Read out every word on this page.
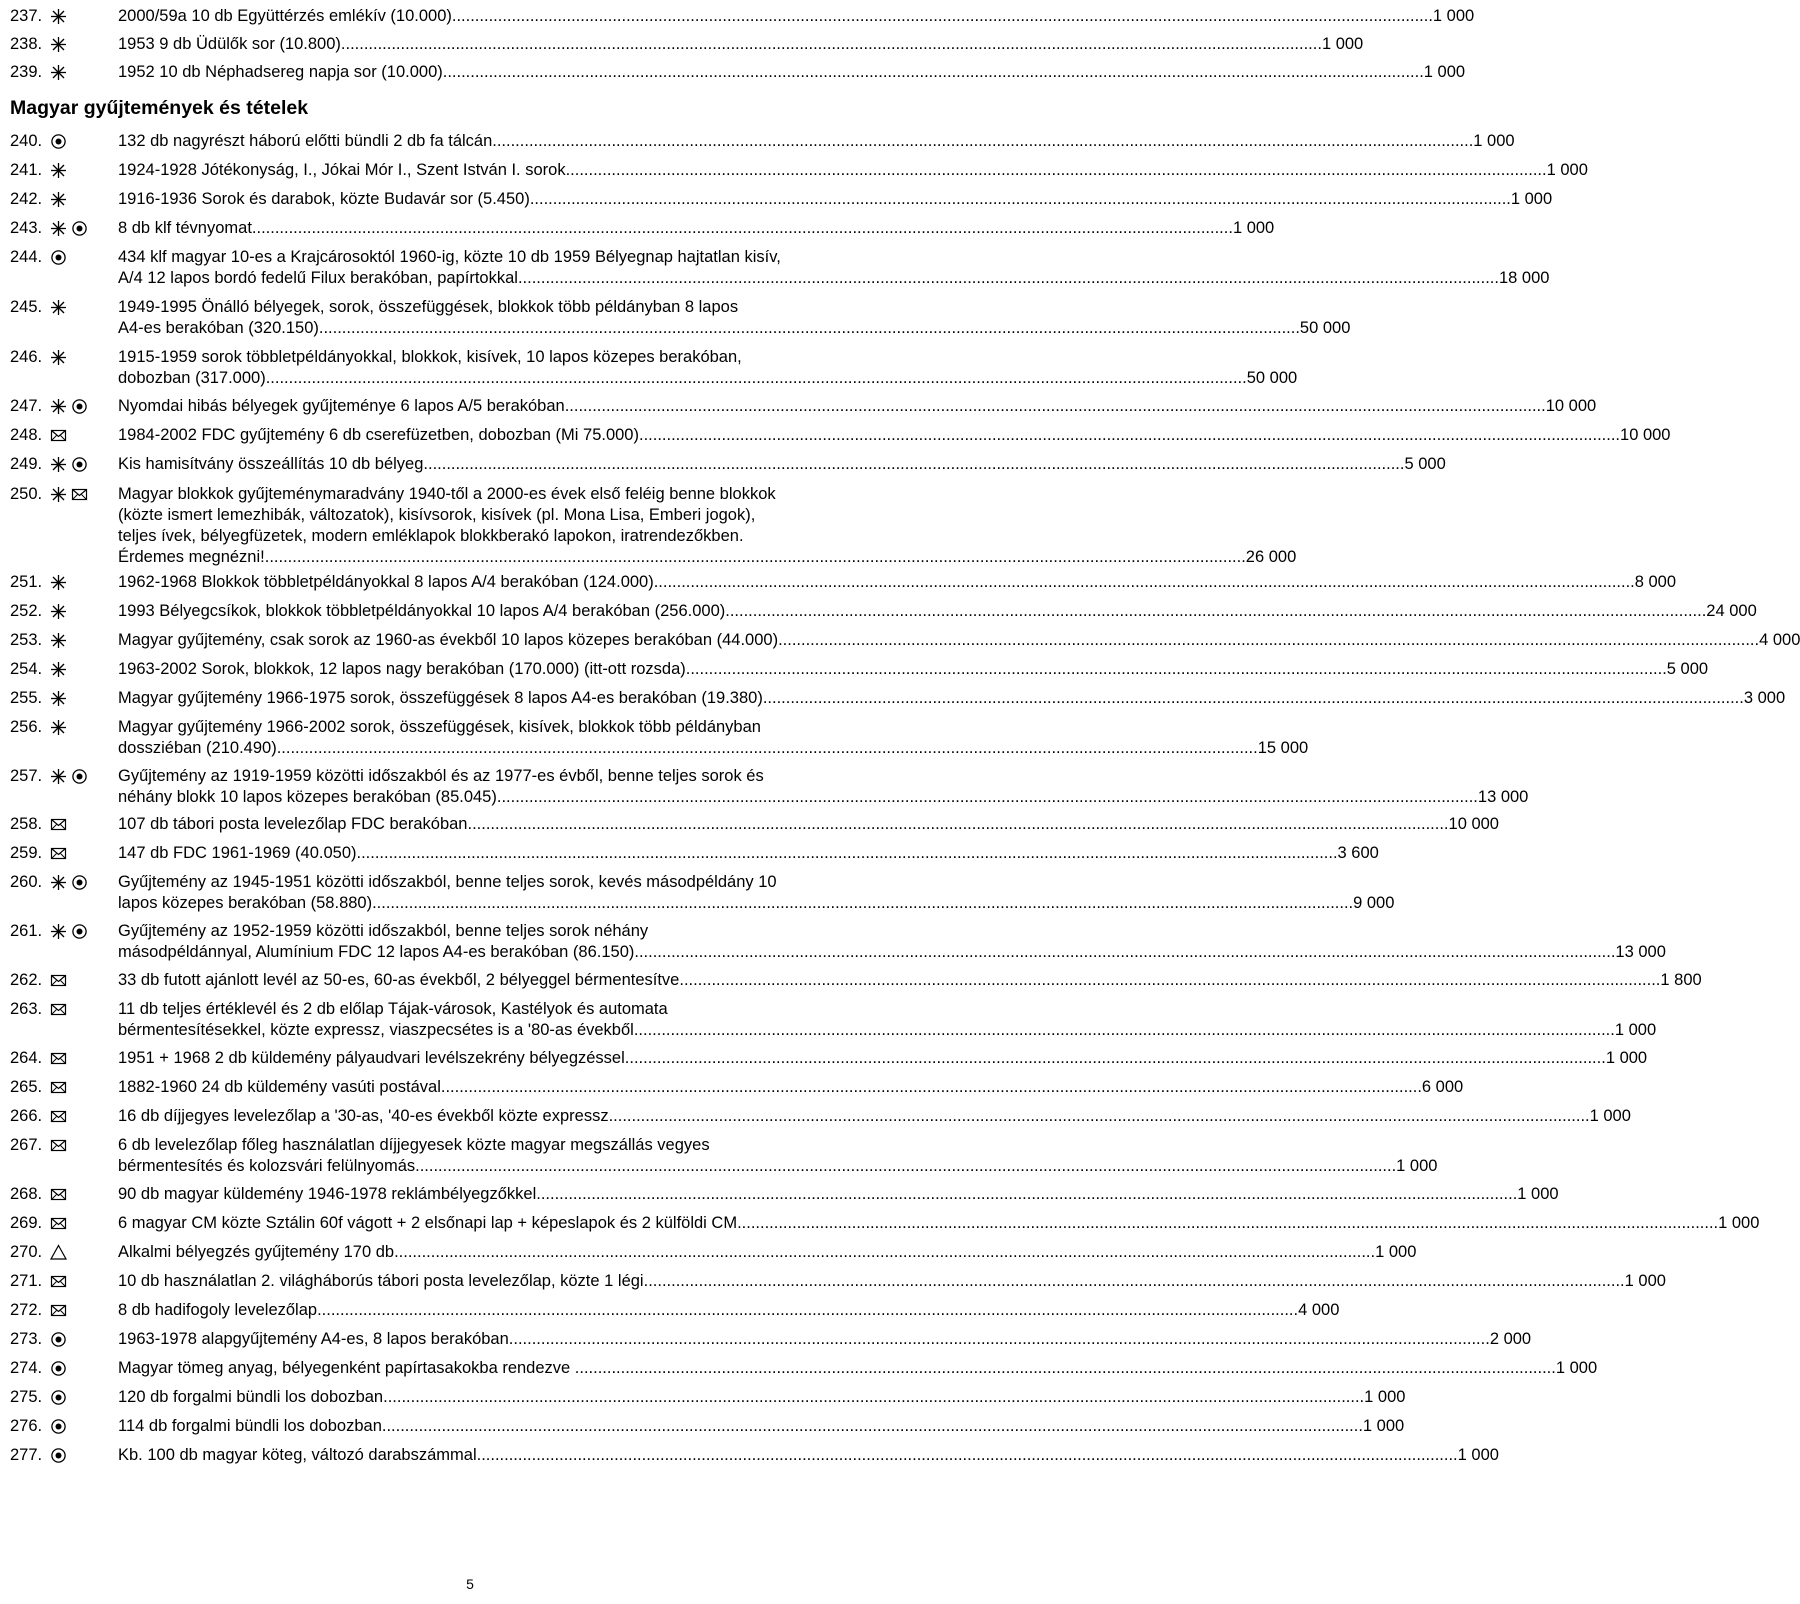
237.	2000/59a 10 db Együttérzés emlékív (10.000) .....	1 000
238.	1953 9 db Üdülők sor (10.800) .....	1 000
239.	1952 10 db Néphadsereg napja sor (10.000) .....	1 000
240.	132 db nagyrészt háború előtti bündli 2 db fa tálcán .....	1 000
241.	1924-1928 Jótékonyság, I., Jókai Mór I., Szent István I. sorok .....	1 000
242.	1916-1936 Sorok és darabok, közte Budavár sor (5.450) .....	1 000
243.	8 db klf tévnyomat .....	1 000
244.	434 klf magyar 10-es a Krajcárosoktól 1960-ig, közte 10 db 1959 Bélyegnap hajtatlan kisív,
A/4 12 lapos bordó fedelű Filux berakóban, papírtokkal .....	18 000
245.	1949-1995 Önálló bélyegek, sorok, összefüggések, blokkok több példányban 8 lapos
A4-es berakóban (320.150) .....	50 000
246.	1915-1959 sorok többletpéldányokkal, blokkok, kisívek, 10 lapos közepes berakóban,
dobozban (317.000) .....	50 000
247.	Nyomdai hibás bélyegek gyűjteménye 6 lapos A/5 berakóban .....	10 000
248.	1984-2002 FDC gyűjtemény 6 db cserefüzetben, dobozban (Mi 75.000) .....	10 000
249.	Kis hamisítvány összeállítás 10 db bélyeg .....	5 000
250.	Magyar blokkok gyűjteménymaradvány 1940-től a 2000-es évek első feléig benne blokkok
(közte ismert lemezhibák, változatok), kisívsorok, kisívek (pl. Mona Lisa, Emberi jogok),
teljes ívek, bélyegfüzetek, modern emléklapok blokkberakó lapokon, iratrendezőkben.
Érdemes megnézni! .....	26 000
251.	1962-1968 Blokkok többletpéldányokkal 8 lapos A/4 berakóban (124.000) .....	8 000
252.	1993 Bélyegcsíkok, blokkok többletpéldányokkal 10 lapos A/4 berakóban (256.000) .....	24 000
253.	Magyar gyűjtemény, csak sorok az 1960-as évekből 10 lapos közepes berakóban (44.000) .....	4 000
254.	1963-2002 Sorok, blokkok, 12 lapos nagy berakóban (170.000) (itt-ott rozsda) .....	5 000
255.	Magyar gyűjtemény 1966-1975 sorok, összefüggések 8 lapos A4-es berakóban (19.380) .....	3 000
256.	Magyar gyűjtemény 1966-2002 sorok, összefüggések, kisívek, blokkok több példányban
dossziéban (210.490) .....	15 000
257.	Gyűjtemény az 1919-1959 közötti időszakból és az 1977-es évből, benne teljes sorok és
néhány blokk 10 lapos közepes berakóban (85.045) .....	13 000
258.	107 db tábori posta levelezőlap FDC berakóban .....	10 000
259.	147 db FDC 1961-1969 (40.050) .....	3 600
260.	Gyűjtemény az 1945-1951 közötti időszakból, benne teljes sorok, kevés másodpéldány 10
lapos közepes berakóban (58.880) .....	9 000
261.	Gyűjtemény az 1952-1959 közötti időszakból, benne teljes sorok néhány
másodpéldánnyal, Alumínium FDC 12 lapos A4-es berakóban (86.150) .....	13 000
262.	33 db futott ajánlott levél az 50-es, 60-as évekből, 2 bélyeggel bérmentesítve .....	1 800
263.	11 db teljes értéklevél és 2 db előlap Tájak-városok, Kastélyok és automata
bérmentesítésekkel, közte expressz, viaszpecsétes is a '80-as évekből .....	1 000
264.	1951 + 1968 2 db küldemény pályaudvari levélszekrény bélyegzéssel .....	1 000
265.	1882-1960 24 db küldemény vasúti postával .....	6 000
266.	16 db díjjegyes levelezőlap a '30-as, '40-es évekből közte expressz .....	1 000
267.	6 db levelezőlap főleg használatlan díjjegyesek közte magyar megszállás vegyes
bérmentesítés és kolozsvári felülnyomás .....	1 000
268.	90 db magyar küldemény 1946-1978 reklámbélyegzőkkel .....	1 000
269.	6 magyar CM közte Sztálin 60f vágott + 2 elsőnapi lap + képeslapok és 2 külföldi CM .....	1 000
270.	Alkalmi bélyegzés gyűjtemény 170 db .....	1 000
271.	10 db használatlan 2. világháborús tábori posta levelezőlap, közte 1 légi .....	1 000
272.	8 db hadifogoly levelezőlap .....	4 000
273.	1963-1978 alapgyűjtemény A4-es, 8 lapos berakóban .....	2 000
274.	Magyar tömeg anyag, bélyegenként papírtasakokba rendezve .....	1 000
275.	120 db forgalmi bündli los dobozban .....	1 000
276.	114 db forgalmi bündli los dobozban .....	1 000
277.	Kb. 100 db magyar köteg, változó darabszámmal .....	1 000
Magyar gyűjtemények és tételek
5
